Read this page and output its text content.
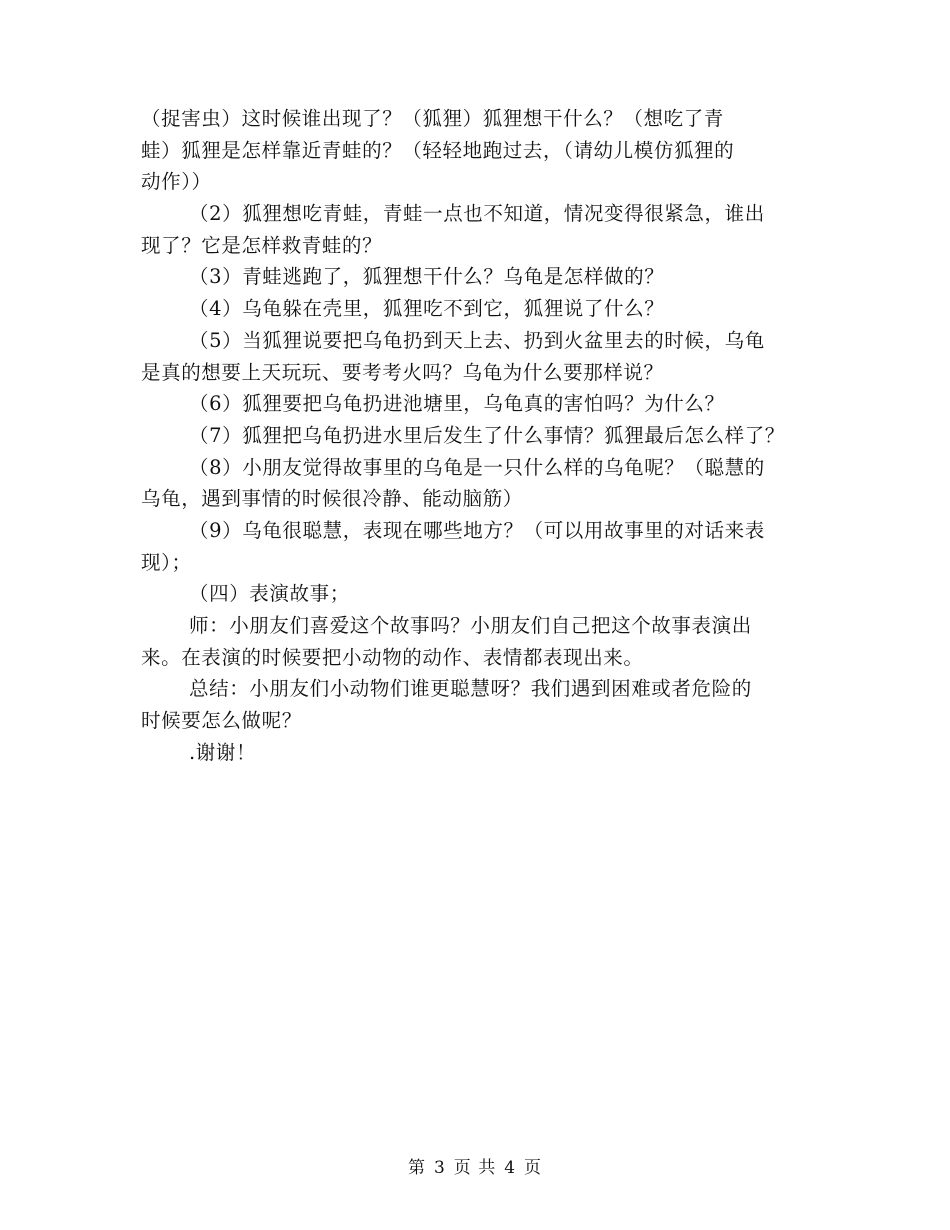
（捉害虫）这时候谁出现了？（狐狸）狐狸想干什么？（想吃了青
蛙）狐狸是怎样靠近青蛙的？（轻轻地跑过去，（请幼儿模仿狐狸的
动作））
（2）狐狸想吃青蛙，青蛙一点也不知道，情况变得很紧急，谁出
现了？它是怎样救青蛙的？
（3）青蛙逃跑了，狐狸想干什么？乌龟是怎样做的？
（4）乌龟躲在壳里，狐狸吃不到它，狐狸说了什么？
（5）当狐狸说要把乌龟扔到天上去、扔到火盆里去的时候，乌龟
是真的想要上天玩玩、要考考火吗？乌龟为什么要那样说？
（6）狐狸要把乌龟扔进池塘里，乌龟真的害怕吗？为什么？
（7）狐狸把乌龟扔进水里后发生了什么事情？狐狸最后怎么样了？
（8）小朋友觉得故事里的乌龟是一只什么样的乌龟呢？（聪慧的
乌龟，遇到事情的时候很冷静、能动脑筋）
（9）乌龟很聪慧，表现在哪些地方？（可以用故事里的对话来表
现）；
（四）表演故事；
师：小朋友们喜爱这个故事吗？小朋友们自己把这个故事表演出
来。在表演的时候要把小动物的动作、表情都表现出来。
总结：小朋友们小动物们谁更聪慧呀？我们遇到困难或者危险的
时候要怎么做呢？
.谢谢！
第 3 页 共 4 页
